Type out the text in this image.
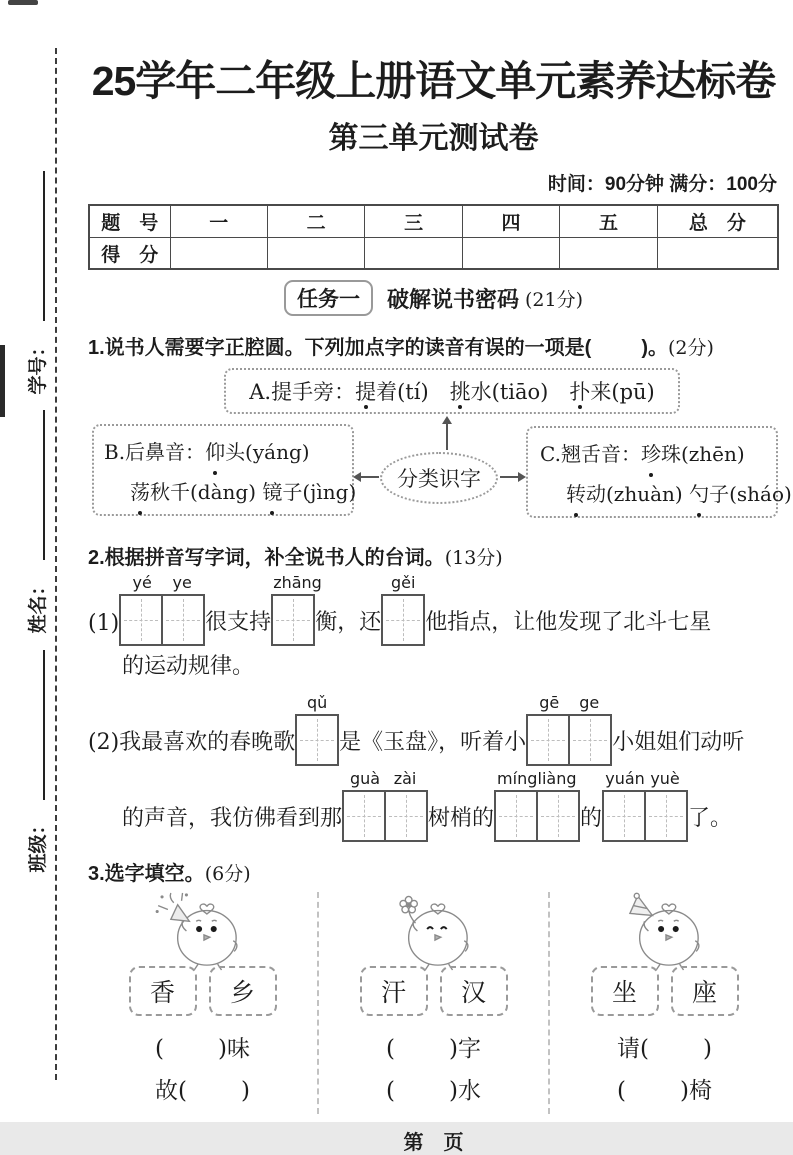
班级：
姓名：
学号：
25学年二年级上册语文单元素养达标卷
第三单元测试卷
时间：90分钟 满分：100分
题　号	一	二	三	四	五	总　分
得　分
任务一	破解说书密码 (21分)
1.说书人需要字正腔圆。下列加点字的读音有误的一项是(	)。(2分)
A.提手旁：提着(tí)　挑水(tiāo)　扑来(pū)
B.后鼻音：仰头(yáng)
荡秋千(dàng) 镜子(jìng)
分类识字
C.翘舌音：珍珠(zhēn)
转动(zhuàn) 勺子(sháo)
2.根据拼音写字词，补全说书人的台词。(13分)
(1)
yé	ye
很支持
zhāng
衡，还
gěi
他指点，让他发现了北斗七星
的运动规律。
(2)我最喜欢的春晚歌
qǔ
是《玉盘》，听着小
gē	ge
小姐姐们动听
的声音，我仿佛看到那
guà zài
树梢的
míng liàng
的
yuán yuè
了。
3.选字填空。(6分)
香	乡
( )味
故( )
汗	汉
( )字
( )水
坐	座
请( )
( )椅
第　页
